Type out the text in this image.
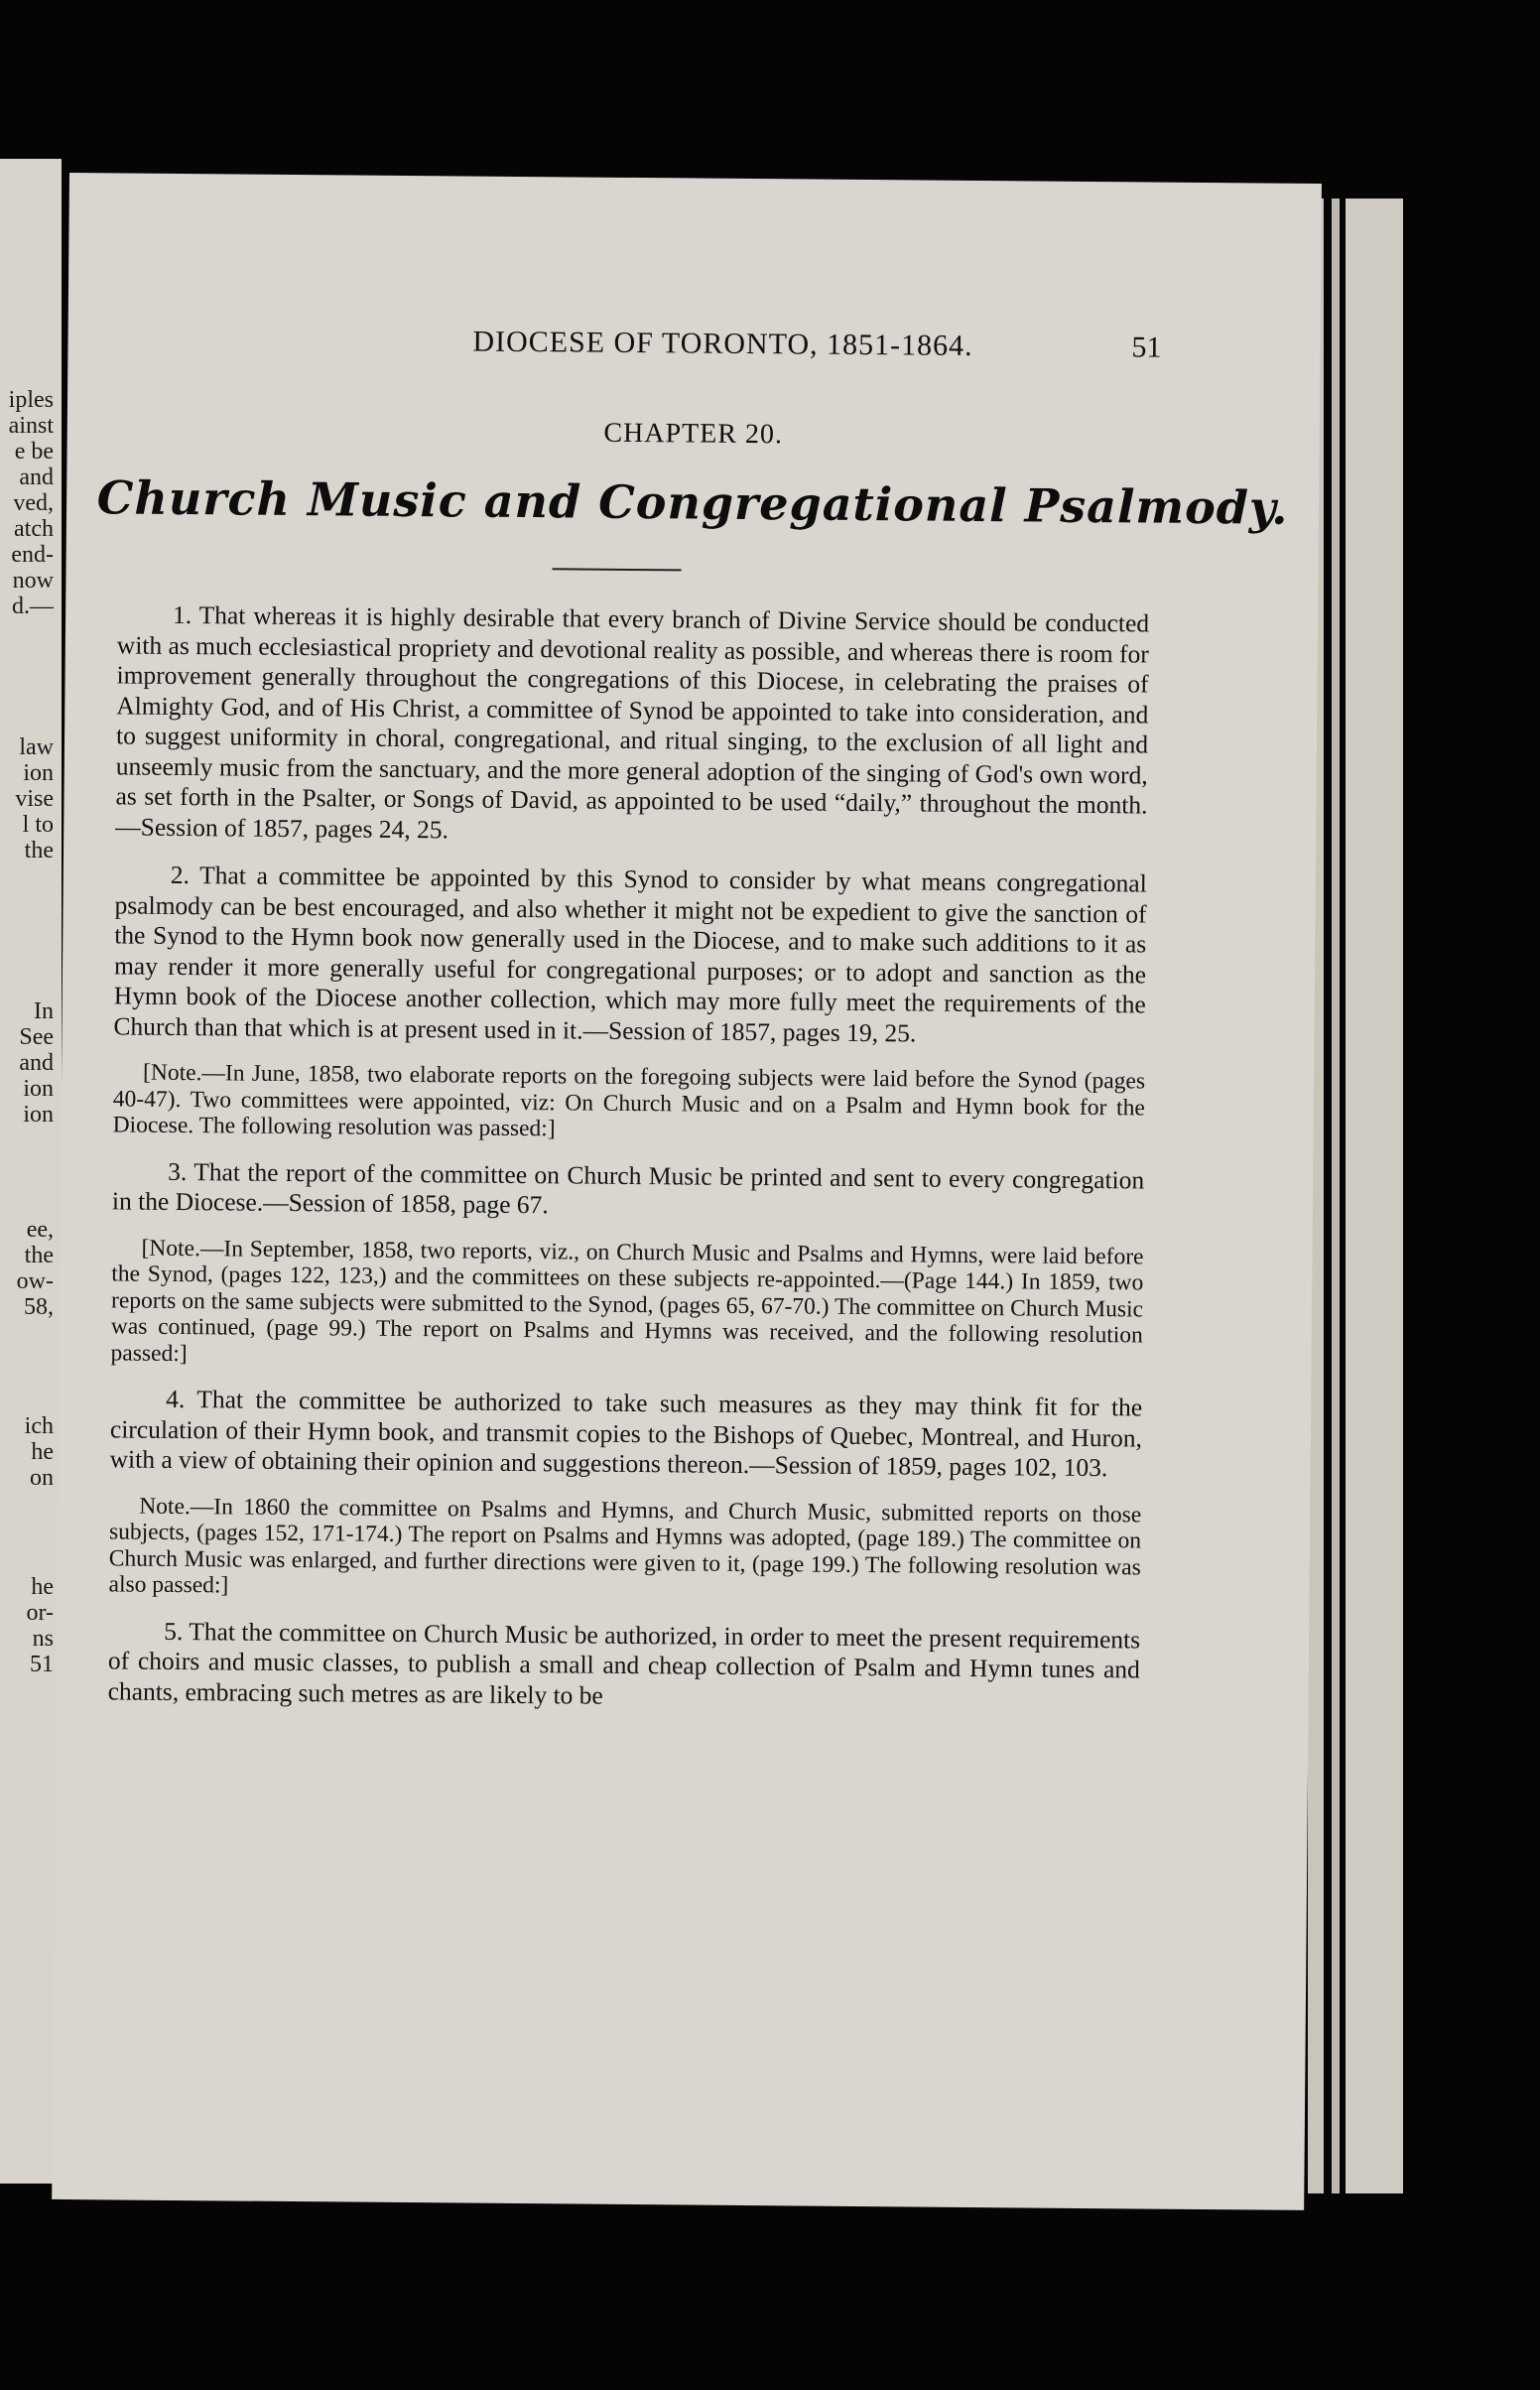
iples
ainst
e be
and
ved,
atch
end-
now
d.—
law
ion
vise
l to
the
In
See
and
ion
ion
ee,
the
ow-
58,
ich
he
on
he
or-
ns
51
DIOCESE OF TORONTO, 1851-1864.	51
CHAPTER 20.
Church Music and Congregational Psalmody.

1. That whereas it is highly desirable that every branch of Divine Service should be conducted with as much ecclesiastical propriety and devotional reality as possible, and whereas there is room for improvement generally throughout the congregations of this Diocese, in celebrating the praises of Almighty God, and of His Christ, a committee of Synod be appointed to take into consideration, and to suggest uniformity in choral, congregational, and ritual singing, to the exclusion of all light and unseemly music from the sanctuary, and the more general adoption of the singing of God's own word, as set forth in the Psalter, or Songs of David, as appointed to be used “daily,” throughout the month.—Session of 1857, pages 24, 25.

2. That a committee be appointed by this Synod to consider by what means congregational psalmody can be best encouraged, and also whether it might not be expedient to give the sanction of the Synod to the Hymn book now generally used in the Diocese, and to make such additions to it as may render it more generally useful for congregational purposes; or to adopt and sanction as the Hymn book of the Diocese another collection, which may more fully meet the requirements of the Church than that which is at present used in it.—Session of 1857, pages 19, 25.

[Note.—In June, 1858, two elaborate reports on the foregoing subjects were laid before the Synod (pages 40-47). Two committees were appointed, viz: On Church Music and on a Psalm and Hymn book for the Diocese. The following resolution was passed:]

3. That the report of the committee on Church Music be printed and sent to every congregation in the Diocese.—Session of 1858, page 67.

[Note.—In September, 1858, two reports, viz., on Church Music and Psalms and Hymns, were laid before the Synod, (pages 122, 123,) and the committees on these subjects re-appointed.—(Page 144.) In 1859, two reports on the same subjects were submitted to the Synod, (pages 65, 67-70.) The committee on Church Music was continued, (page 99.) The report on Psalms and Hymns was received, and the following resolution passed:]

4. That the committee be authorized to take such measures as they may think fit for the circulation of their Hymn book, and transmit copies to the Bishops of Quebec, Montreal, and Huron, with a view of obtaining their opinion and suggestions thereon.—Session of 1859, pages 102, 103.

Note.—In 1860 the committee on Psalms and Hymns, and Church Music, submitted reports on those subjects, (pages 152, 171-174.) The report on Psalms and Hymns was adopted, (page 189.) The committee on Church Music was enlarged, and further directions were given to it, (page 199.) The following resolution was also passed:]

5. That the committee on Church Music be authorized, in order to meet the present requirements of choirs and music classes, to publish a small and cheap collection of Psalm and Hymn tunes and chants, embracing such metres as are likely to be
